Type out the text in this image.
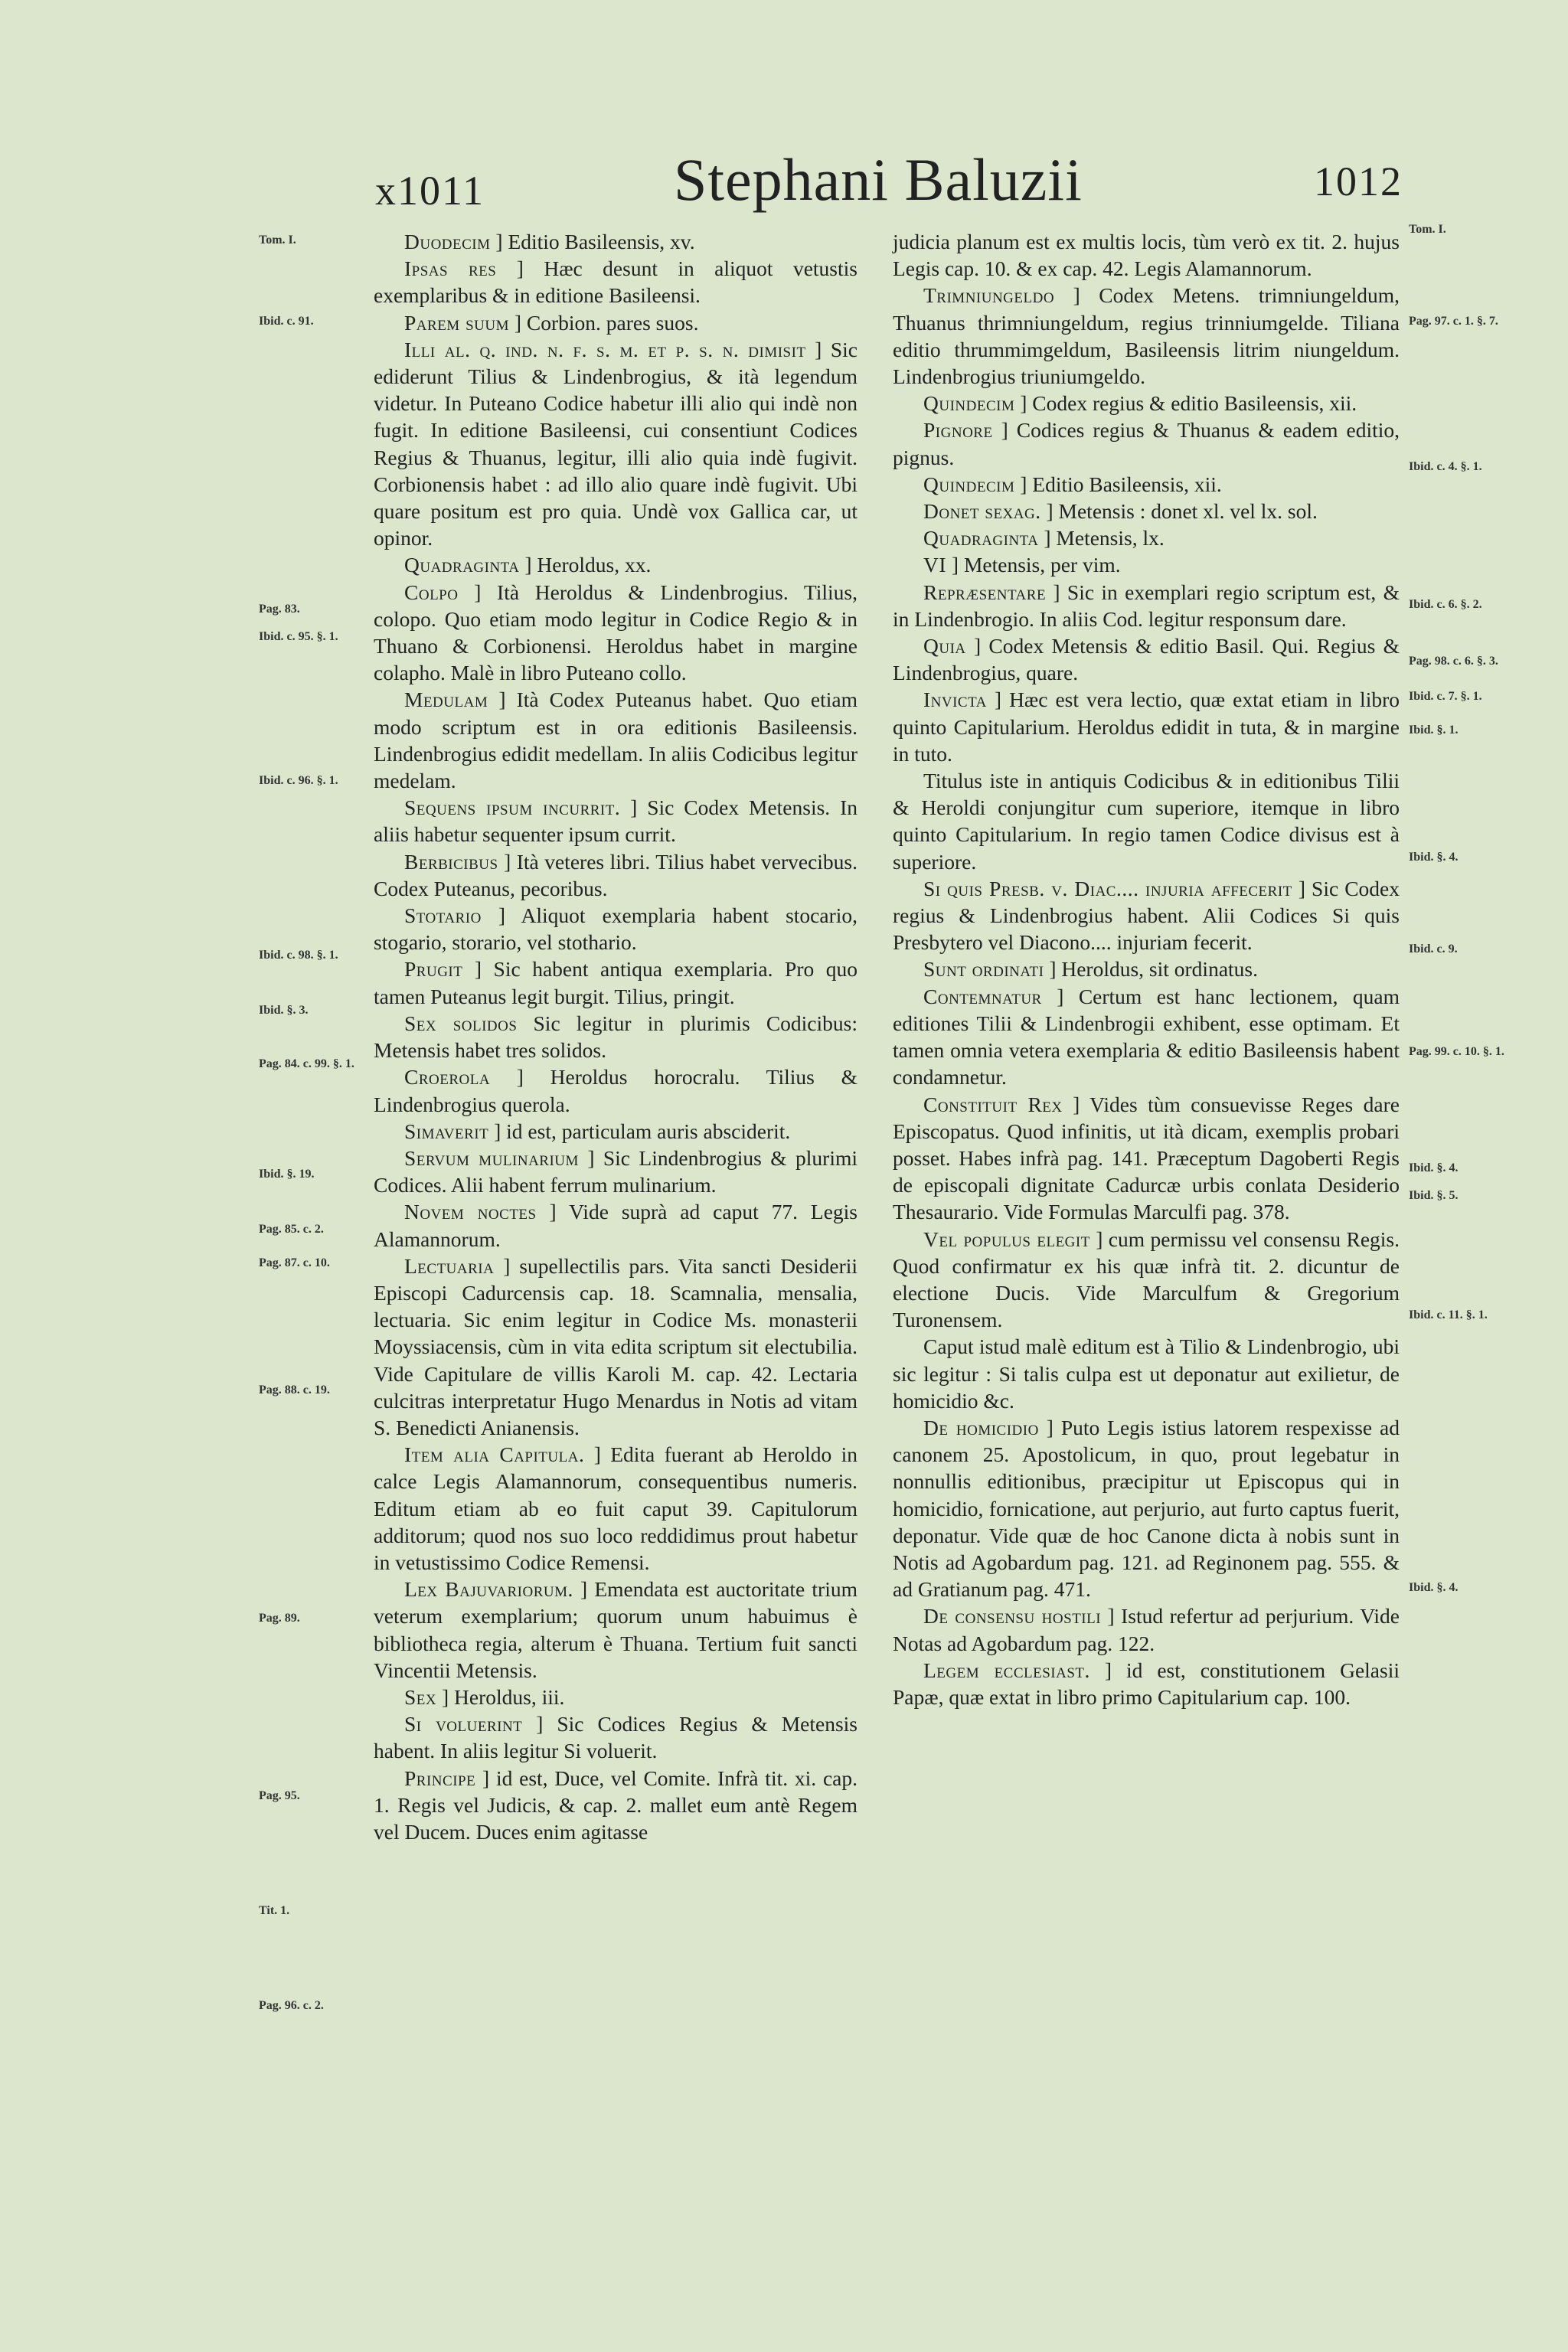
x1011	Stephani Baluzii	1012
Tom. I.
Ibid. c. 91.
Pag. 83.
Ibid. c. 95. §. 1.
Ibid. c. 96. §. 1.
Ibid. c. 98. §. 1.
Ibid. §. 3.
Pag. 84. c. 99. §. 1.
Ibid. §. 19.
Pag. 85. c. 2.
Pag. 87. c. 10.
Pag. 88. c. 19.
Pag. 89.
Pag. 95.
Tit. 1.
Pag. 96. c. 2.
Tom. I.
Pag. 97. c. 1. §. 7.
Ibid. c. 4. §. 1.
Ibid. c. 6. §. 2.
Pag. 98. c. 6. §. 3.
Ibid. c. 7. §. 1.
Ibid. §. 1.
Ibid. §. 4.
Ibid. c. 9.
Pag. 99. c. 10. §. 1.
Ibid. §. 4.
Ibid. §. 5.
Ibid. c. 11. §. 1.
Ibid. §. 4.

Duodecim ] Editio Basileensis, xv.

Ipsas res ] Hæc desunt in aliquot vetustis exemplaribus & in editione Basileensi.

Parem suum ] Corbion. pares suos.

Illi al. q. ind. n. f. s. m. et p. s. n. dimisit ] Sic ediderunt Tilius & Lindenbrogius, & ità legendum videtur. In Puteano Codice habetur illi alio qui indè non fugit. In editione Basileensi, cui consentiunt Codices Regius & Thuanus, legitur, illi alio quia indè fugivit. Corbionensis habet : ad illo alio quare indè fugivit. Ubi quare positum est pro quia. Undè vox Gallica car, ut opinor.

Quadraginta ] Heroldus, xx.

Colpo ] Ità Heroldus & Lindenbrogius. Tilius, colopo. Quo etiam modo legitur in Codice Regio & in Thuano & Corbionensi. Heroldus habet in margine colapho. Malè in libro Puteano collo.

Medulam ] Ità Codex Puteanus habet. Quo etiam modo scriptum est in ora editionis Basileensis. Lindenbrogius edidit medellam. In aliis Codicibus legitur medelam.

Sequens ipsum incurrit. ] Sic Codex Metensis. In aliis habetur sequenter ipsum currit.

Berbicibus ] Ità veteres libri. Tilius habet vervecibus. Codex Puteanus, pecoribus.

Stotario ] Aliquot exemplaria habent stocario, stogario, storario, vel stothario.

Prugit ] Sic habent antiqua exemplaria. Pro quo tamen Puteanus legit burgit. Tilius, pringit.

Sex solidos Sic legitur in plurimis Codicibus: Metensis habet tres solidos.

Croerola ] Heroldus horocralu. Tilius & Lindenbrogius querola.

Simaverit ] id est, particulam auris absciderit.

Servum mulinarium ] Sic Lindenbrogius & plurimi Codices. Alii habent ferrum mulinarium.

Novem noctes ] Vide suprà ad caput 77. Legis Alamannorum.

Lectuaria ] supellectilis pars. Vita sancti Desiderii Episcopi Cadurcensis cap. 18. Scamnalia, mensalia, lectuaria. Sic enim legitur in Codice Ms. monasterii Moyssiacensis, cùm in vita edita scriptum sit electubilia. Vide Capitulare de villis Karoli M. cap. 42. Lectaria culcitras interpretatur Hugo Menardus in Notis ad vitam S. Benedicti Anianensis.

Item alia Capitula. ] Edita fuerant ab Heroldo in calce Legis Alamannorum, consequentibus numeris. Editum etiam ab eo fuit caput 39. Capitulorum additorum; quod nos suo loco reddidimus prout habetur in vetustissimo Codice Remensi.

Lex Bajuvariorum. ] Emendata est auctoritate trium veterum exemplarium; quorum unum habuimus è bibliotheca regia, alterum è Thuana. Tertium fuit sancti Vincentii Metensis.

Sex ] Heroldus, iii.

Si voluerint ] Sic Codices Regius & Metensis habent. In aliis legitur Si voluerit.

Principe ] id est, Duce, vel Comite. Infrà tit. xi. cap. 1. Regis vel Judicis, & cap. 2. mallet eum antè Regem vel Ducem. Duces enim agitasse

judicia planum est ex multis locis, tùm verò ex tit. 2. hujus Legis cap. 10. & ex cap. 42. Legis Alamannorum.

Trimniungeldo ] Codex Metens. trimniungeldum, Thuanus thrimniungeldum, regius trinniumgelde. Tiliana editio thrummimgeldum, Basileensis litrim niungeldum. Lindenbrogius triuniumgeldo.

Quindecim ] Codex regius & editio Basileensis, xii.

Pignore ] Codices regius & Thuanus & eadem editio, pignus.

Quindecim ] Editio Basileensis, xii.

Donet sexag. ] Metensis : donet xl. vel lx. sol.

Quadraginta ] Metensis, lx.

VI ] Metensis, per vim.

Repræsentare ] Sic in exemplari regio scriptum est, & in Lindenbrogio. In aliis Cod. legitur responsum dare.

Quia ] Codex Metensis & editio Basil. Qui. Regius & Lindenbrogius, quare.

Invicta ] Hæc est vera lectio, quæ extat etiam in libro quinto Capitularium. Heroldus edidit in tuta, & in margine in tuto.

Titulus iste in antiquis Codicibus & in editionibus Tilii & Heroldi conjungitur cum superiore, itemque in libro quinto Capitularium. In regio tamen Codice divisus est à superiore.

Si quis Presb. v. Diac.... injuria affecerit ] Sic Codex regius & Lindenbrogius habent. Alii Codices Si quis Presbytero vel Diacono.... injuriam fecerit.

Sunt ordinati ] Heroldus, sit ordinatus.

Contemnatur ] Certum est hanc lectionem, quam editiones Tilii & Lindenbrogii exhibent, esse optimam. Et tamen omnia vetera exemplaria & editio Basileensis habent condamnetur.

Constituit Rex ] Vides tùm consuevisse Reges dare Episcopatus. Quod infinitis, ut ità dicam, exemplis probari posset. Habes infrà pag. 141. Præceptum Dagoberti Regis de episcopali dignitate Cadurcæ urbis conlata Desiderio Thesaurario. Vide Formulas Marculfi pag. 378.

Vel populus elegit ] cum permissu vel consensu Regis. Quod confirmatur ex his quæ infrà tit. 2. dicuntur de electione Ducis. Vide Marculfum & Gregorium Turonensem.

Caput istud malè editum est à Tilio & Lindenbrogio, ubi sic legitur : Si talis culpa est ut deponatur aut exilietur, de homicidio &c.

De homicidio ] Puto Legis istius latorem respexisse ad canonem 25. Apostolicum, in quo, prout legebatur in nonnullis editionibus, præcipitur ut Episcopus qui in homicidio, fornicatione, aut perjurio, aut furto captus fuerit, deponatur. Vide quæ de hoc Canone dicta à nobis sunt in Notis ad Agobardum pag. 121. ad Reginonem pag. 555. & ad Gratianum pag. 471.

De consensu hostili ] Istud refertur ad perjurium. Vide Notas ad Agobardum pag. 122.

Legem ecclesiast. ] id est, constitutionem Gelasii Papæ, quæ extat in libro primo Capitularium cap. 100.
